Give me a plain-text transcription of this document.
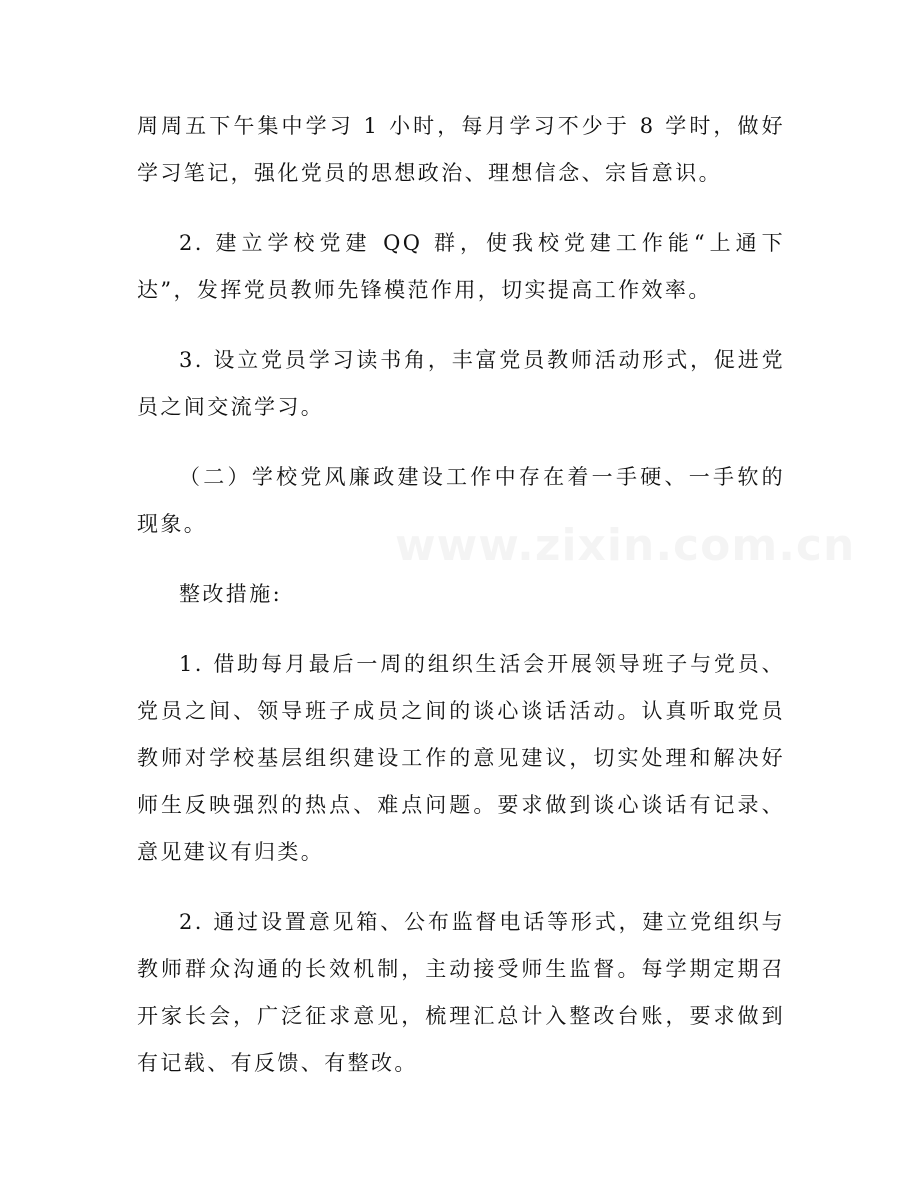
周周五下午集中学习 1 小时，每月学习不少于 8 学时，做好学习笔记，强化党员的思想政治、理想信念、宗旨意识。

2. 建立学校党建 QQ 群，使我校党建工作能“上通下达”，发挥党员教师先锋模范作用，切实提高工作效率。

3. 设立党员学习读书角，丰富党员教师活动形式，促进党员之间交流学习。

（二）学校党风廉政建设工作中存在着一手硬、一手软的现象。

整改措施:

1. 借助每月最后一周的组织生活会开展领导班子与党员、党员之间、领导班子成员之间的谈心谈话活动。认真听取党员教师对学校基层组织建设工作的意见建议，切实处理和解决好师生反映强烈的热点、难点问题。要求做到谈心谈话有记录、意见建议有归类。

2. 通过设置意见箱、公布监督电话等形式，建立党组织与教师群众沟通的长效机制，主动接受师生监督。每学期定期召开家长会，广泛征求意见，梳理汇总计入整改台账，要求做到有记载、有反馈、有整改。
